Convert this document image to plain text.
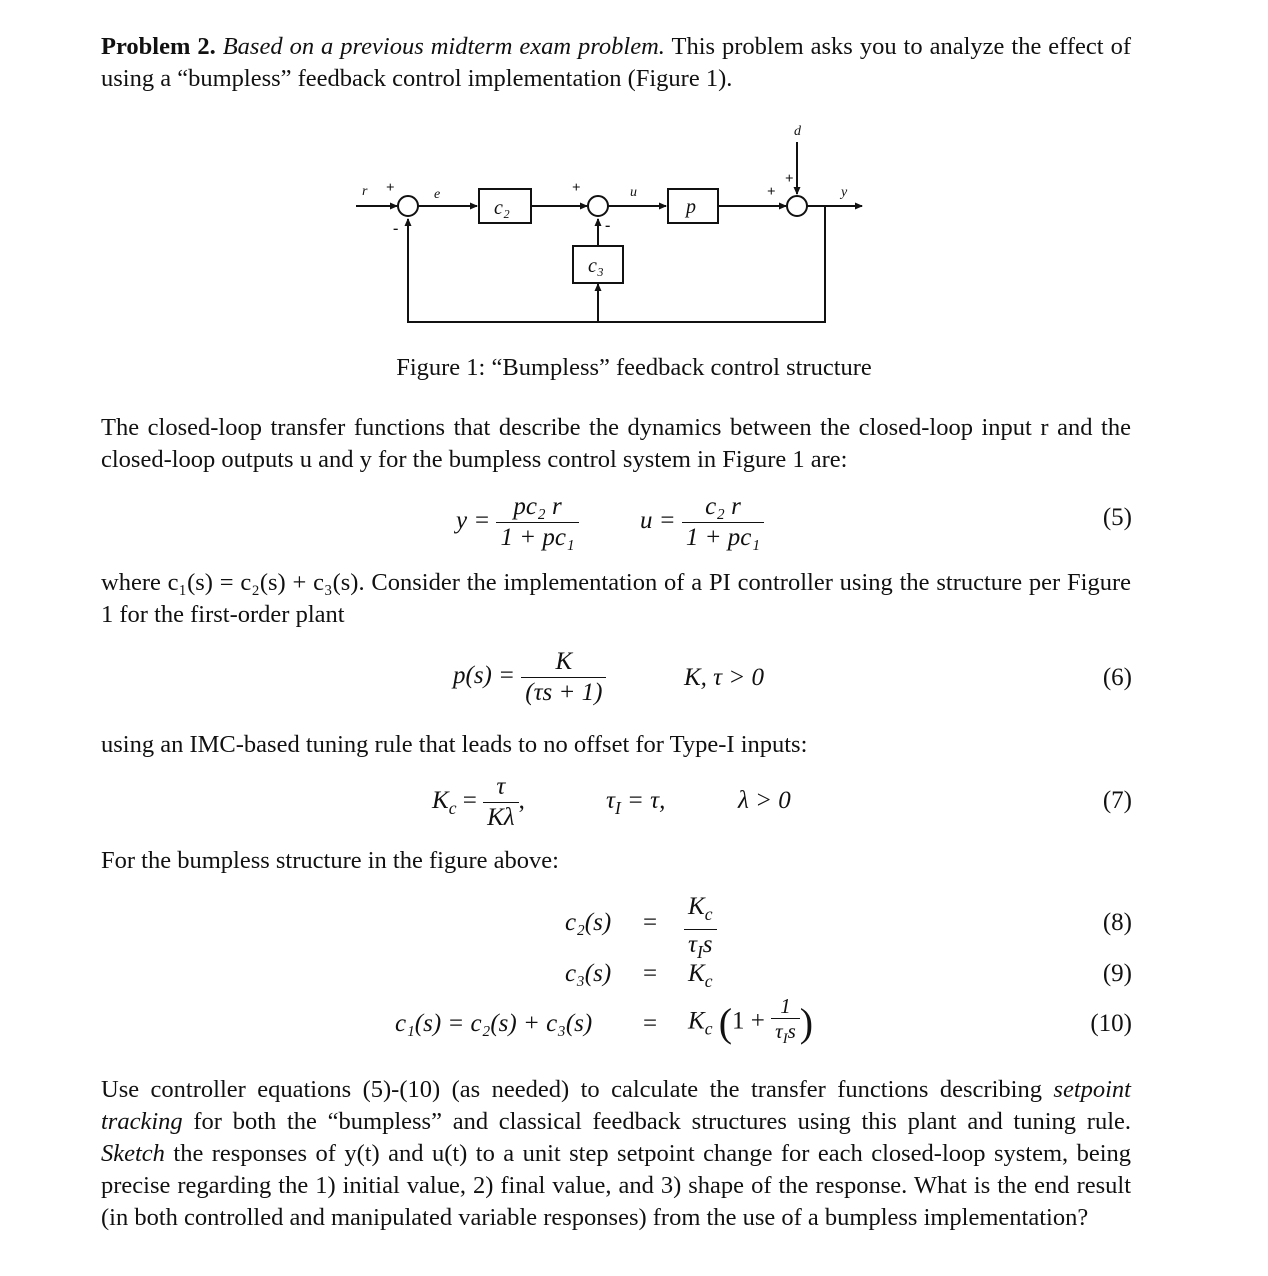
Problem 2. Based on a previous midterm exam problem. This problem asks you to analyze the effect of using a “bumpless” feedback control implementation (Figure 1).

r +
-
e
c₂
+
-
u
p
c₃
+
+
d
y
Figure 1: “Bumpless” feedback control structure

The closed-loop transfer functions that describe the dynamics between the closed-loop input r and the closed-loop outputs u and y for the bumpless control system in Figure 1 are:

$y = \frac{\text{pc₂ r}}{\text{1 + pc₁}}$ $u = \frac{\text{c₂ r}}{\text{1 + pc₁}}$	(5)

where c₁(s) = c₂(s) + c₃(s). Consider the implementation of a PI controller using the structure per Figure 1 for the first-order plant

$p(s) = \frac{K}{(\tau s + 1)}$	K, τ > 0	(6)

using an IMC-based tuning rule that leads to no offset for Type-I inputs:

$K_c = \frac{\tau}{K\lambda}$ ,	$\tau_I = \tau$,	λ > 0	(7)

For the bumpless structure in the figure above:

$c_2(s) = \frac{K_c}{\tau_Is}$	(8)
$c_3(s) = K_c$	(9)
$c_1(s) = c_2(s) + c_3(s) = K_c$ ($1 + \frac{1}{\tau_Is}$ )	(10)

Use controller equations (5)-(10) (as needed) to calculate the transfer functions describing setpoint tracking for both the “bumpless” and classical feedback structures using this plant and tuning rule. Sketch the responses of y(t) and u(t) to a unit step setpoint change for each closed-loop system, being precise regarding the 1) initial value, 2) final value, and 3) shape of the response. What is the end result (in both controlled and manipulated variable responses) from the use of a bumpless implementation?
